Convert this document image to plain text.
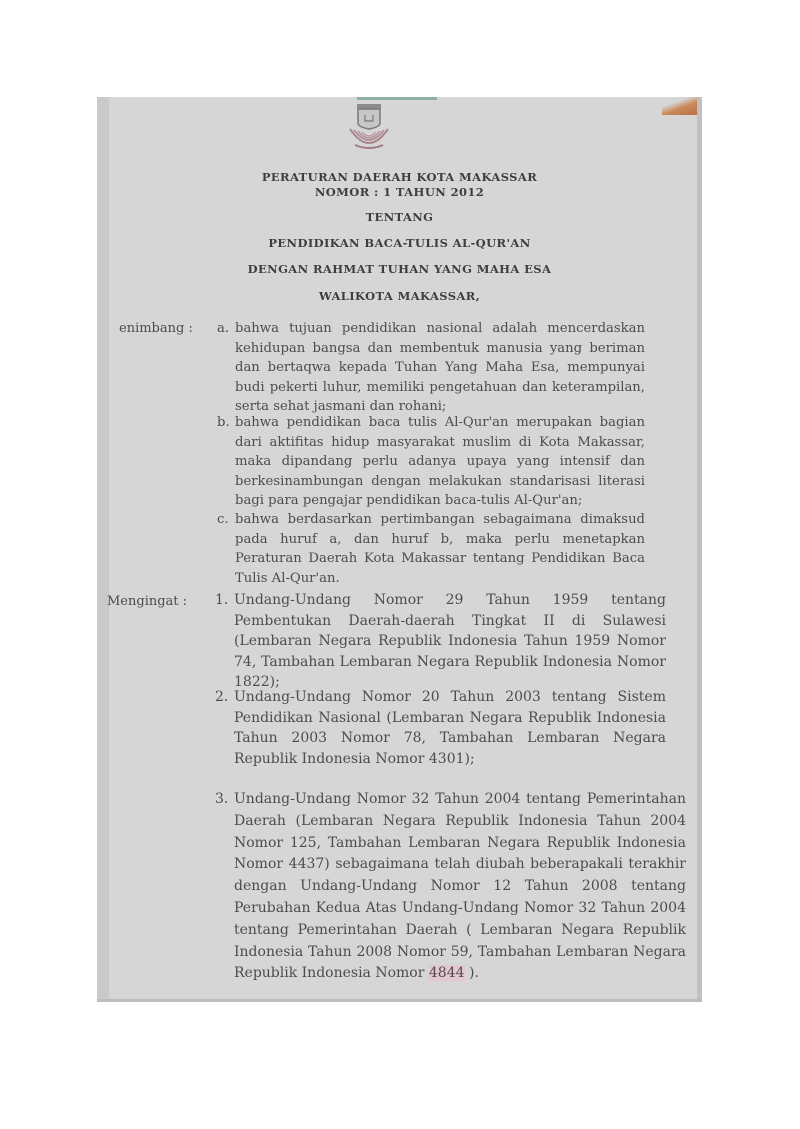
PERATURAN DAERAH KOTA MAKASSAR
NOMOR : 1 TAHUN 2012
TENTANG
PENDIDIKAN BACA-TULIS AL-QUR'AN
DENGAN RAHMAT TUHAN YANG MAHA ESA
WALIKOTA MAKASSAR,
enimbang : a. bahwa tujuan pendidikan nasional adalah mencerdaskan kehidupan bangsa dan membentuk manusia yang beriman dan bertaqwa kepada Tuhan Yang Maha Esa, mempunyai budi pekerti luhur, memiliki pengetahuan dan keterampilan, serta sehat jasmani dan rohani;
b. bahwa pendidikan baca tulis Al-Qur'an merupakan bagian dari aktifitas hidup masyarakat muslim di Kota Makassar, maka dipandang perlu adanya upaya yang intensif dan berkesinambungan dengan melakukan standarisasi literasi bagi para pengajar pendidikan baca-tulis Al-Qur'an;
c. bahwa berdasarkan pertimbangan sebagaimana dimaksud pada huruf a, dan huruf b, maka perlu menetapkan Peraturan Daerah Kota Makassar tentang Pendidikan Baca Tulis Al-Qur'an.
Mengingat : 1. Undang-Undang Nomor 29 Tahun 1959 tentang Pembentukan Daerah-daerah Tingkat II di Sulawesi (Lembaran Negara Republik Indonesia Tahun 1959 Nomor 74, Tambahan Lembaran Negara Republik Indonesia Nomor 1822);
2. Undang-Undang Nomor 20 Tahun 2003 tentang Sistem Pendidikan Nasional (Lembaran Negara Republik Indonesia Tahun 2003 Nomor 78, Tambahan Lembaran Negara Republik Indonesia Nomor 4301);
3. Undang-Undang Nomor 32 Tahun 2004 tentang Pemerintahan Daerah (Lembaran Negara Republik Indonesia Tahun 2004 Nomor 125, Tambahan Lembaran Negara Republik Indonesia Nomor 4437) sebagaimana telah diubah beberapakali terakhir dengan Undang-Undang Nomor 12 Tahun 2008 tentang Perubahan Kedua Atas Undang-Undang Nomor 32 Tahun 2004 tentang Pemerintahan Daerah ( Lembaran Negara Republik Indonesia Tahun 2008 Nomor 59, Tambahan Lembaran Negara Republik Indonesia Nomor 4844 ).
